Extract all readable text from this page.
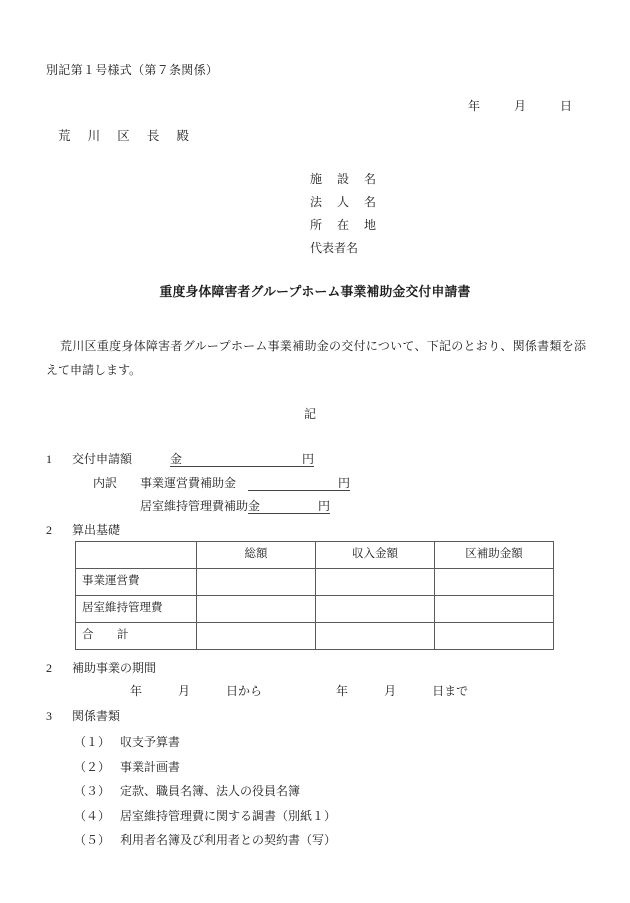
別記第１号様式（第７条関係）
年	月	日
荒 川 区 長 殿
施 設 名
法 人 名
所 在 地
代表者名
重度身体障害者グループホーム事業補助金交付申請書
荒川区重度身体障害者グループホーム事業補助金の交付について、下記のとおり、関係書類を添えて申請します。
記
1 交付申請額	金	円
内訳 事業運営費補助金	円
居室維持管理費補助金	円
2 算出基礎
	総額	収入金額	区補助金額
事業運営費			
居室維持管理費			
合　計			
2 補助事業の期間
年	月	日から	年	月	日まで
3 関係書類
（１） 収支予算書
（２） 事業計画書
（３） 定款、職員名簿、法人の役員名簿
（４） 居室維持管理費に関する調書（別紙１）
（５） 利用者名簿及び利用者との契約書（写）
